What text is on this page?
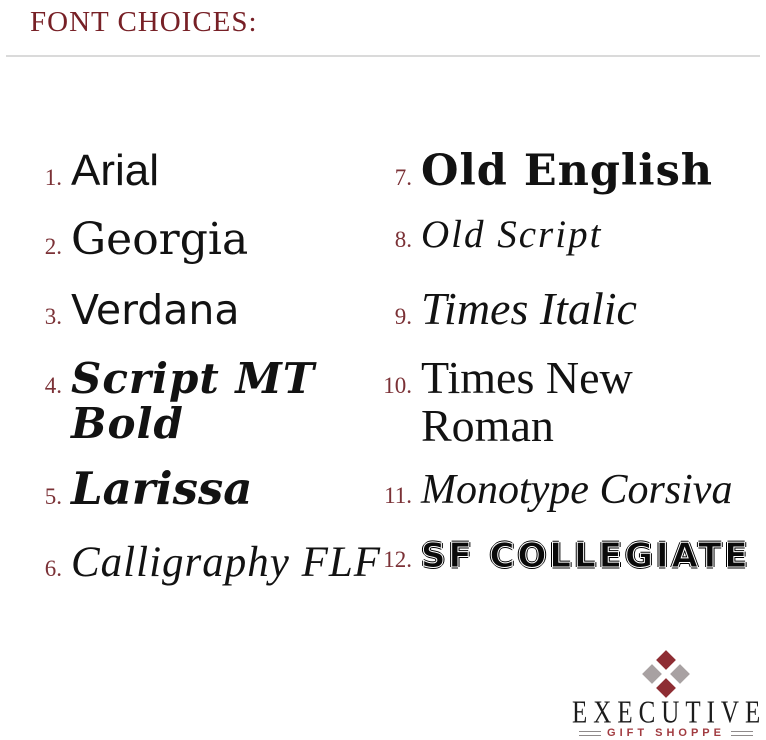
FONT CHOICES:
1. Arial
2. Georgia
3. Verdana
4. Script MT Bold
5. Larissa
6. Calligraphy FLF
7. Old English
8. Old Script
9. Times Italic
10. Times New Roman
11. Monotype Corsiva
12. SF COLLEGIATE
EXECUTIVE
GIFT SHOPPE
